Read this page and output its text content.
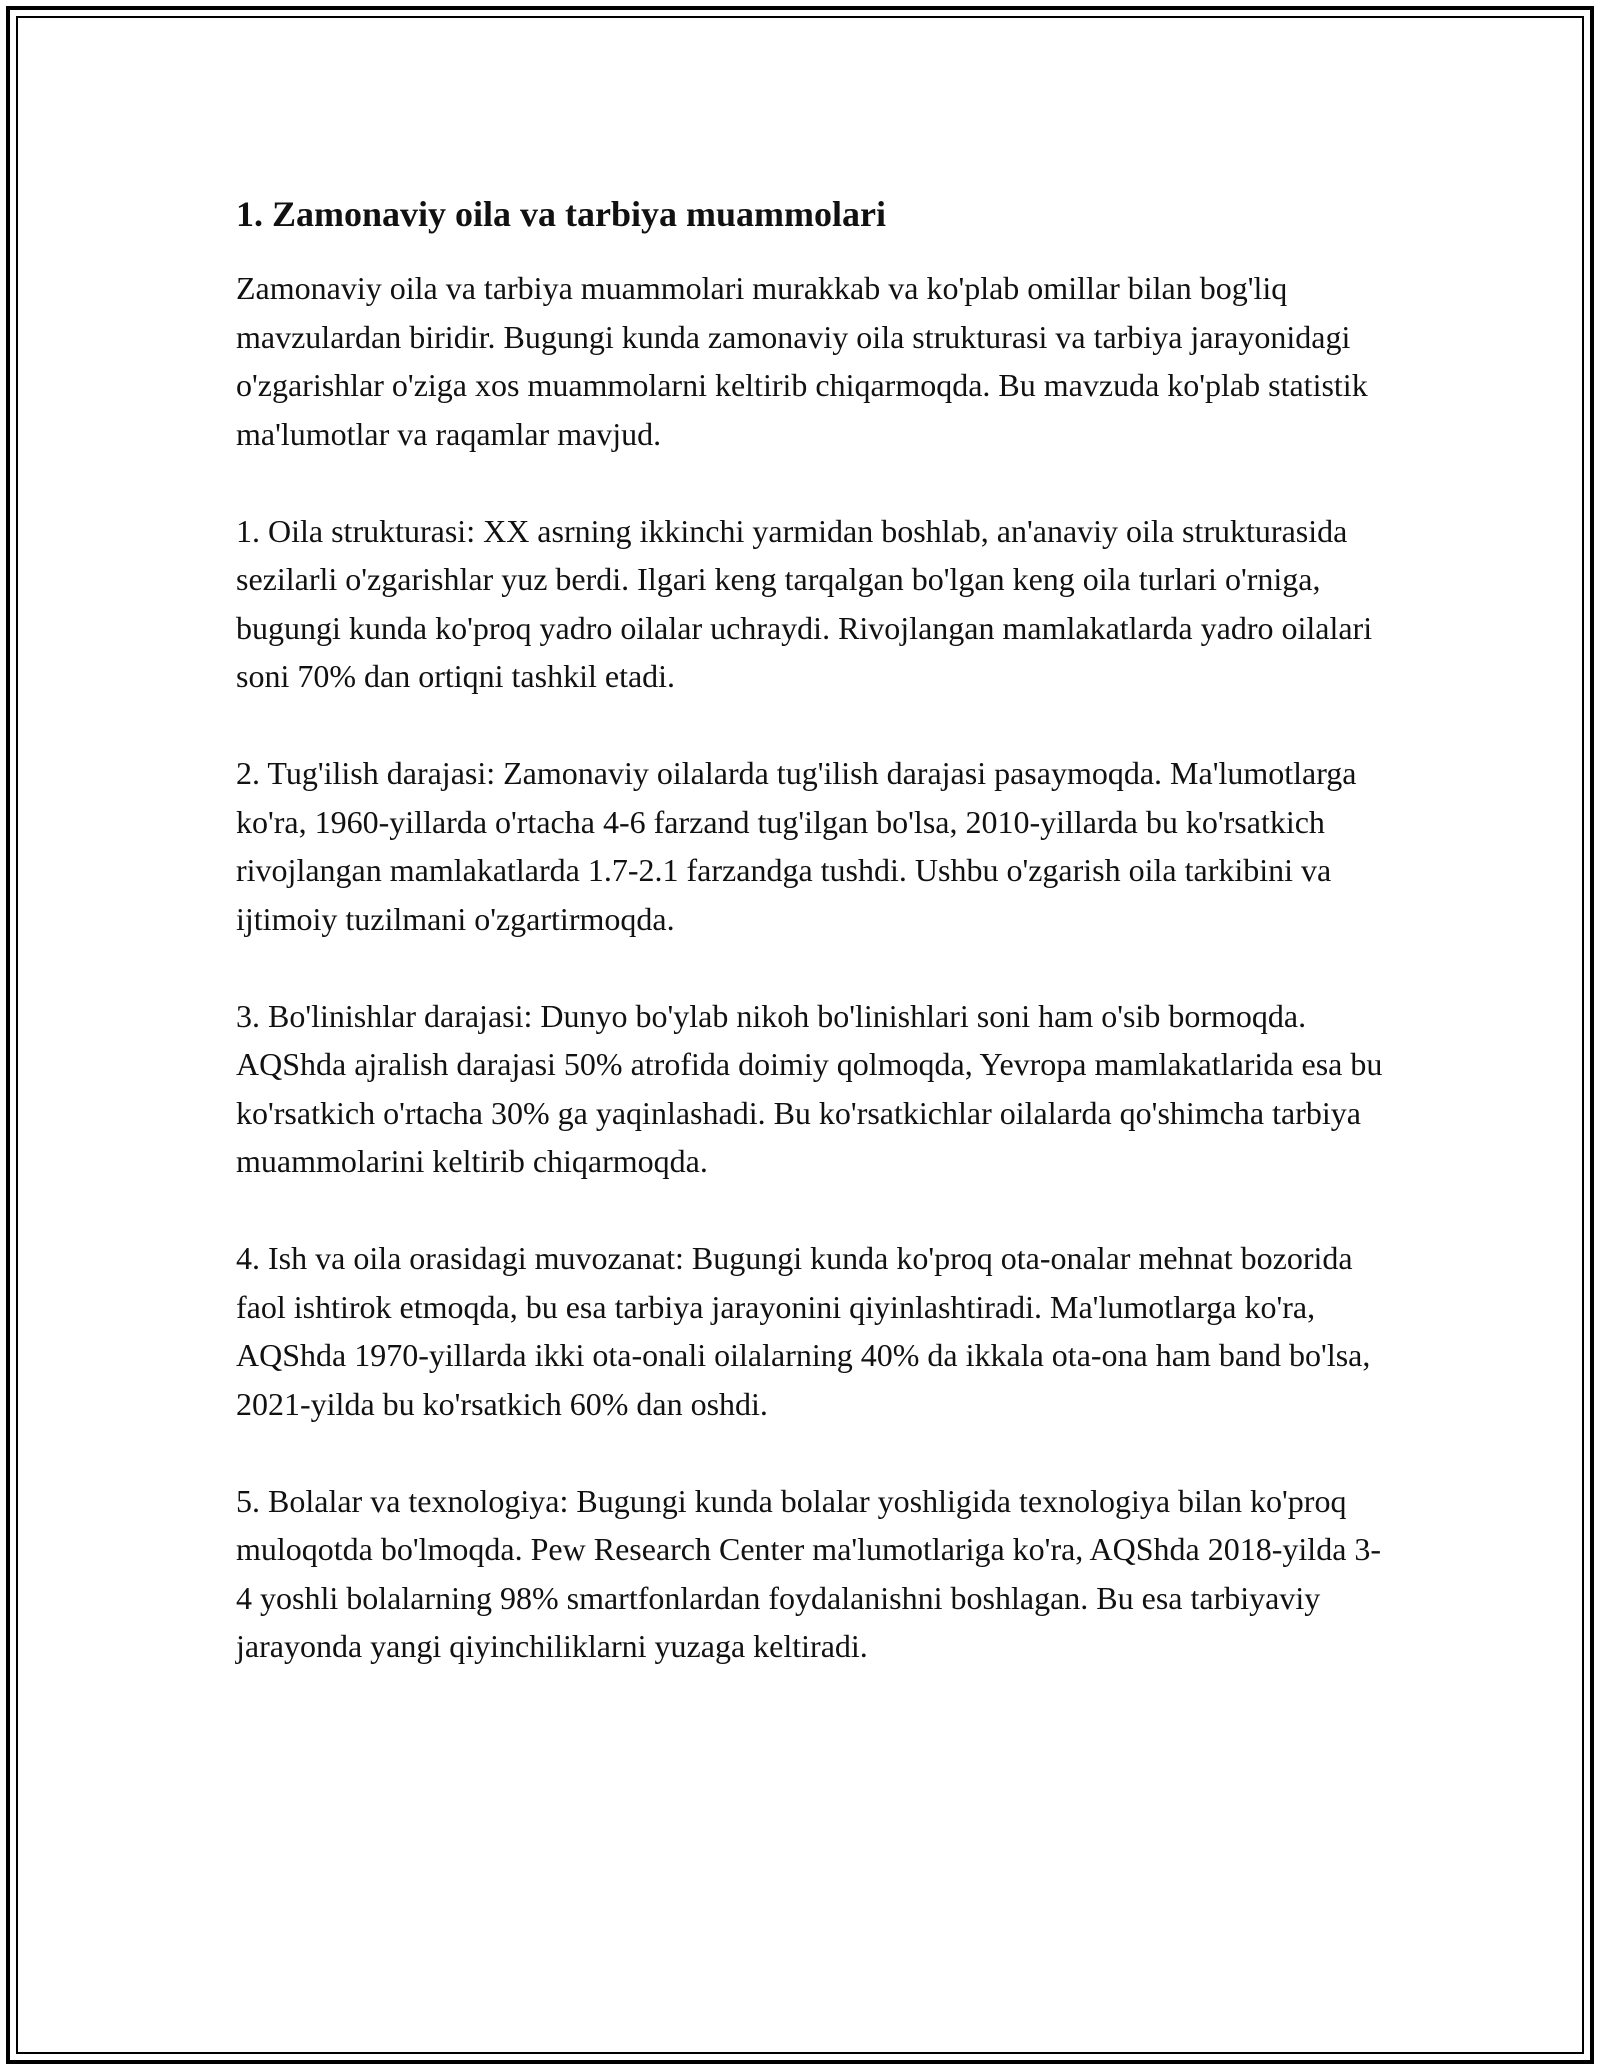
1. Zamonaviy oila va tarbiya muammolari

Zamonaviy oila va tarbiya muammolari murakkab va ko'plab omillar bilan bog'liq mavzulardan biridir. Bugungi kunda zamonaviy oila strukturasi va tarbiya jarayonidagi o'zgarishlar o'ziga xos muammolarni keltirib chiqarmoqda. Bu mavzuda ko'plab statistik ma'lumotlar va raqamlar mavjud.

1. Oila strukturasi: XX asrning ikkinchi yarmidan boshlab, an'anaviy oila strukturasida sezilarli o'zgarishlar yuz berdi. Ilgari keng tarqalgan bo'lgan keng oila turlari o'rniga, bugungi kunda ko'proq yadro oilalar uchraydi. Rivojlangan mamlakatlarda yadro oilalari soni 70% dan ortiqni tashkil etadi.

2. Tug'ilish darajasi: Zamonaviy oilalarda tug'ilish darajasi pasaymoqda. Ma'lumotlarga ko'ra, 1960-yillarda o'rtacha 4-6 farzand tug'ilgan bo'lsa, 2010-yillarda bu ko'rsatkich rivojlangan mamlakatlarda 1.7-2.1 farzandga tushdi. Ushbu o'zgarish oila tarkibini va ijtimoiy tuzilmani o'zgartirmoqda.

3. Bo'linishlar darajasi: Dunyo bo'ylab nikoh bo'linishlari soni ham o'sib bormoqda. AQShda ajralish darajasi 50% atrofida doimiy qolmoqda, Yevropa mamlakatlarida esa bu ko'rsatkich o'rtacha 30% ga yaqinlashadi. Bu ko'rsatkichlar oilalarda qo'shimcha tarbiya muammolarini keltirib chiqarmoqda.

4. Ish va oila orasidagi muvozanat: Bugungi kunda ko'proq ota-onalar mehnat bozorida faol ishtirok etmoqda, bu esa tarbiya jarayonini qiyinlashtiradi. Ma'lumotlarga ko'ra, AQShda 1970-yillarda ikki ota-onali oilalarning 40% da ikkala ota-ona ham band bo'lsa, 2021-yilda bu ko'rsatkich 60% dan oshdi.

5. Bolalar va texnologiya: Bugungi kunda bolalar yoshligida texnologiya bilan ko'proq muloqotda bo'lmoqda. Pew Research Center ma'lumotlariga ko'ra, AQShda 2018-yilda 3-4 yoshli bolalarning 98% smartfonlardan foydalanishni boshlagan. Bu esa tarbiyaviy jarayonda yangi qiyinchiliklarni yuzaga keltiradi.
